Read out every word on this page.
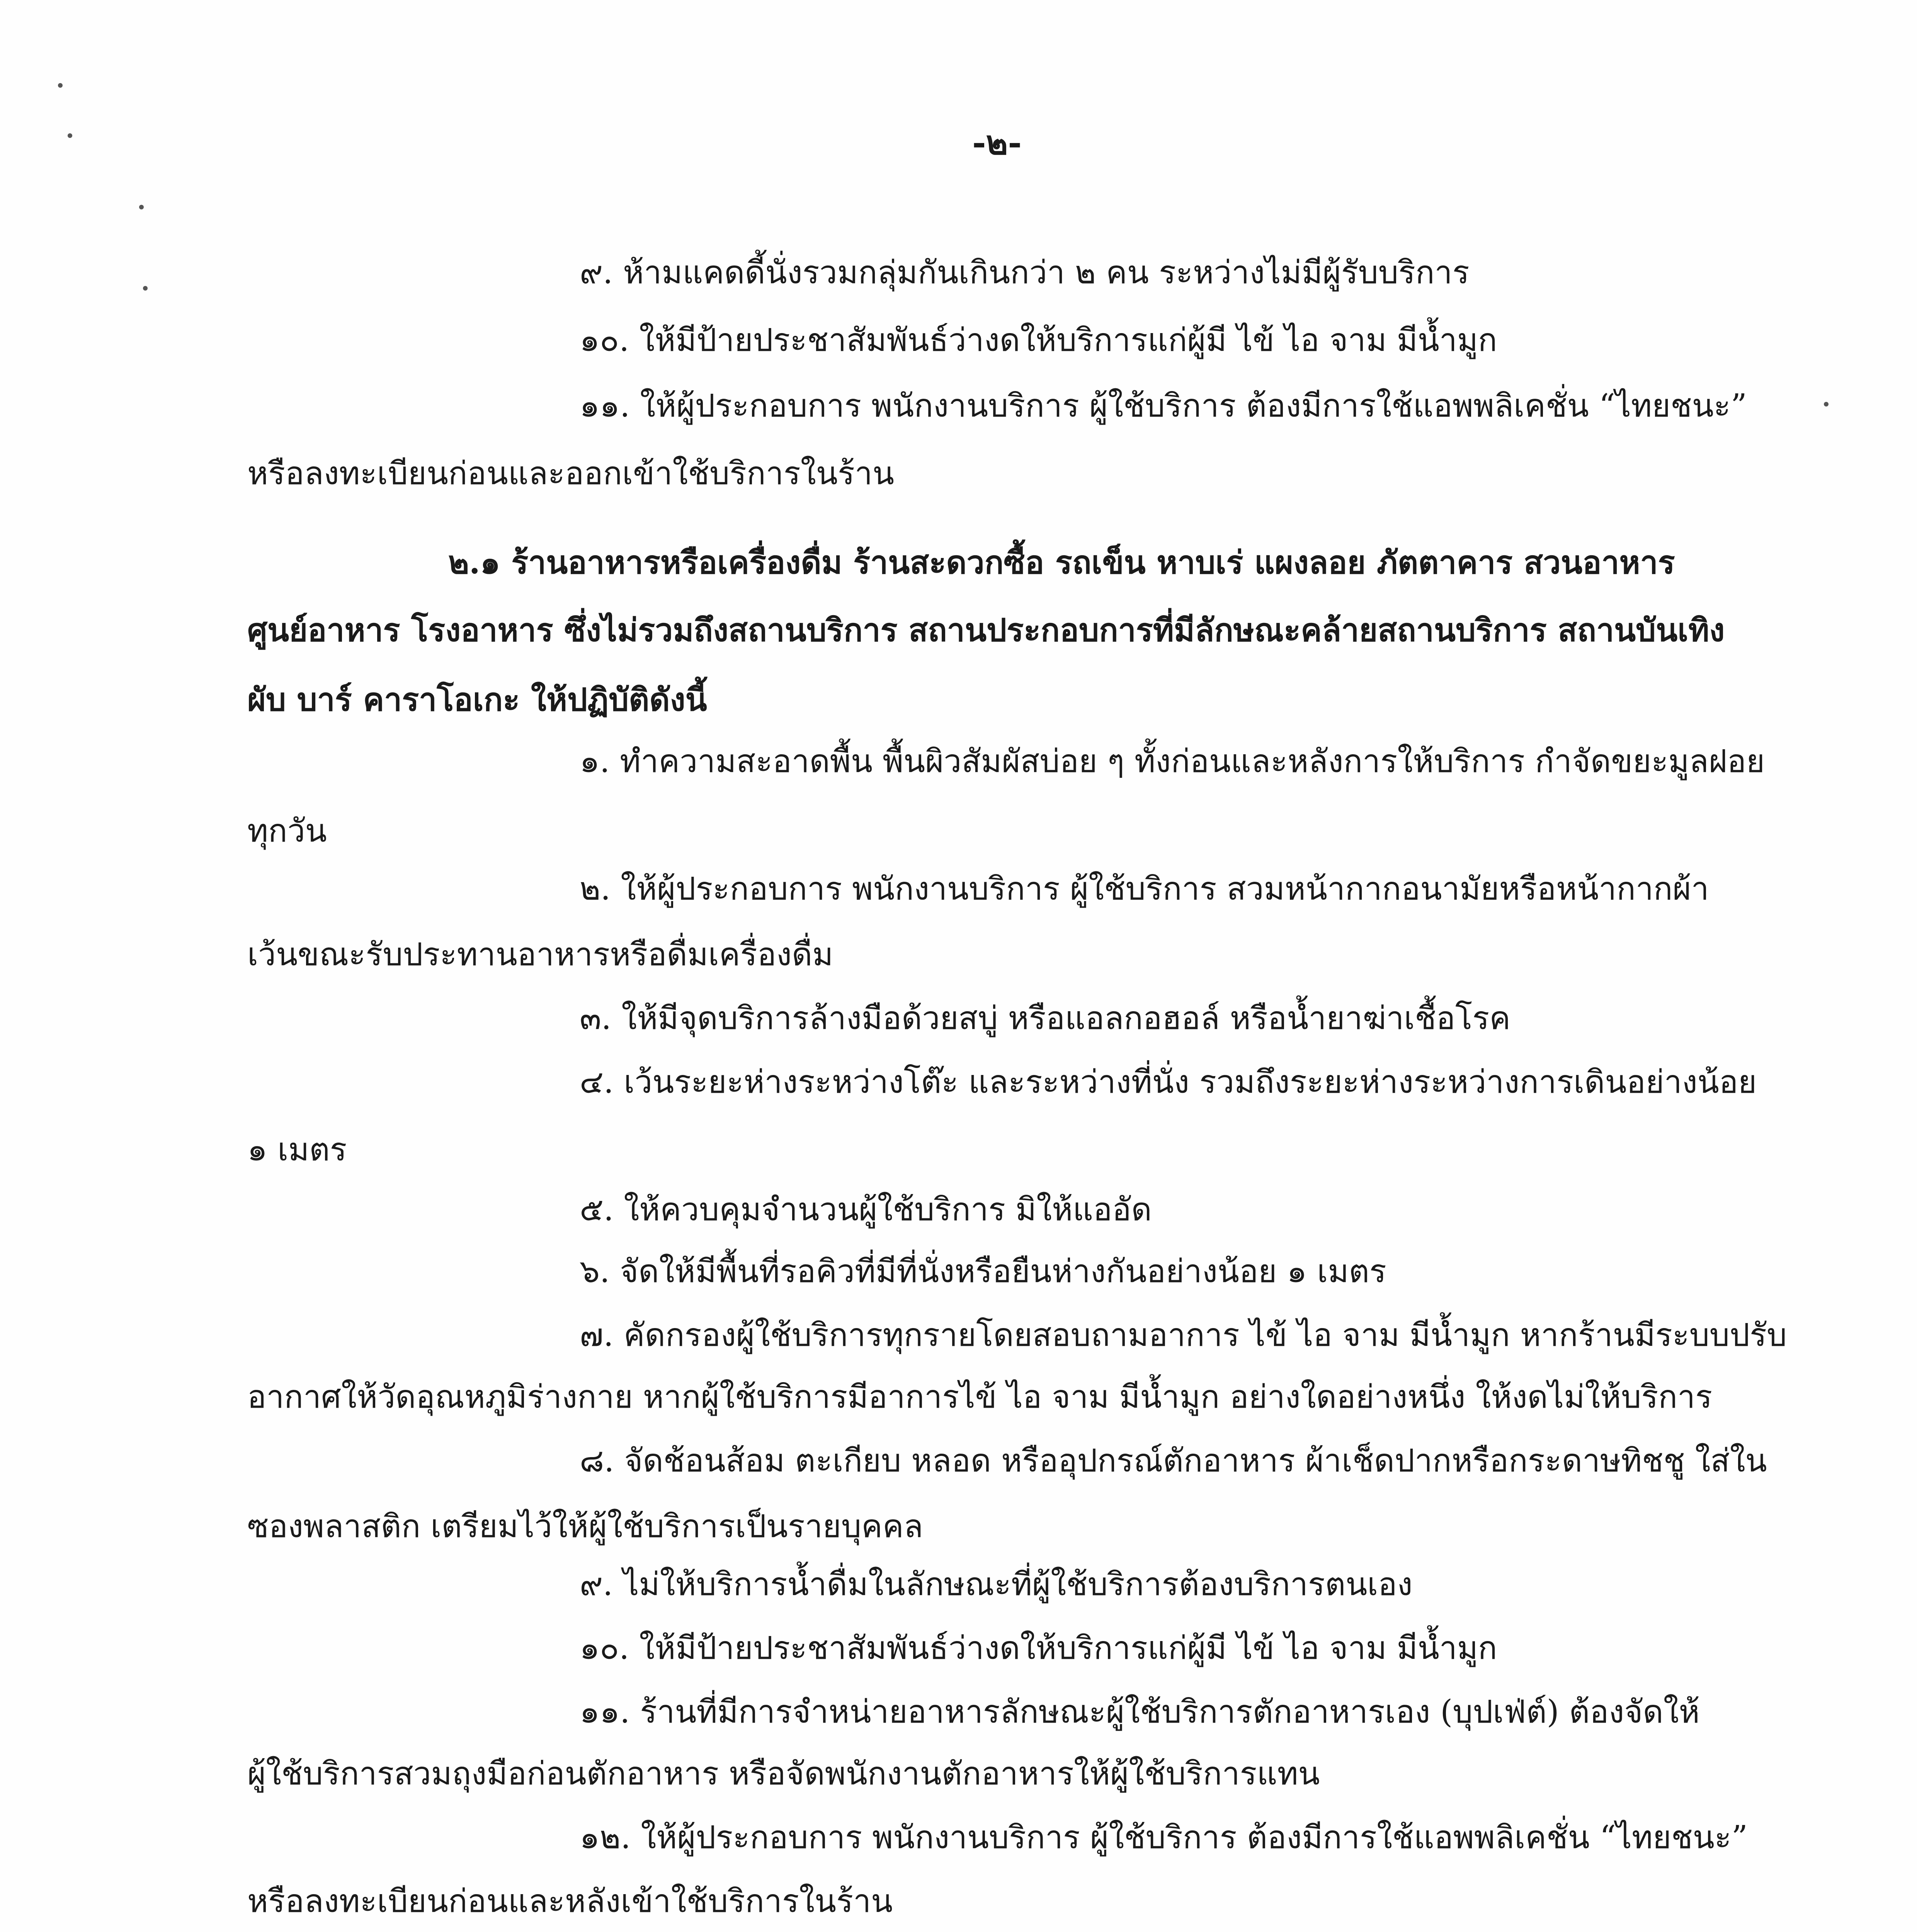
-๒-
๙. ห้ามแคดดี้นั่งรวมกลุ่มกันเกินกว่า ๒ คน ระหว่างไม่มีผู้รับบริการ
๑๐. ให้มีป้ายประชาสัมพันธ์ว่างดให้บริการแก่ผู้มี ไข้ ไอ จาม มีน้ำมูก
๑๑. ให้ผู้ประกอบการ พนักงานบริการ ผู้ใช้บริการ ต้องมีการใช้แอพพลิเคชั่น “ไทยชนะ”
หรือลงทะเบียนก่อนและออกเข้าใช้บริการในร้าน
๒.๑ ร้านอาหารหรือเครื่องดื่ม ร้านสะดวกซื้อ รถเข็น หาบเร่ แผงลอย ภัตตาคาร สวนอาหาร
ศูนย์อาหาร โรงอาหาร ซึ่งไม่รวมถึงสถานบริการ สถานประกอบการที่มีลักษณะคล้ายสถานบริการ สถานบันเทิง
ผับ บาร์ คาราโอเกะ ให้ปฏิบัติดังนี้
๑. ทำความสะอาดพื้น พื้นผิวสัมผัสบ่อย ๆ ทั้งก่อนและหลังการให้บริการ กำจัดขยะมูลฝอย
ทุกวัน
๒. ให้ผู้ประกอบการ พนักงานบริการ ผู้ใช้บริการ สวมหน้ากากอนามัยหรือหน้ากากผ้า
เว้นขณะรับประทานอาหารหรือดื่มเครื่องดื่ม
๓. ให้มีจุดบริการล้างมือด้วยสบู่ หรือแอลกอฮอล์ หรือน้ำยาฆ่าเชื้อโรค
๔. เว้นระยะห่างระหว่างโต๊ะ และระหว่างที่นั่ง รวมถึงระยะห่างระหว่างการเดินอย่างน้อย
๑ เมตร
๕. ให้ควบคุมจำนวนผู้ใช้บริการ มิให้แออัด
๖. จัดให้มีพื้นที่รอคิวที่มีที่นั่งหรือยืนห่างกันอย่างน้อย ๑ เมตร
๗. คัดกรองผู้ใช้บริการทุกรายโดยสอบถามอาการ ไข้ ไอ จาม มีน้ำมูก หากร้านมีระบบปรับ
อากาศให้วัดอุณหภูมิร่างกาย หากผู้ใช้บริการมีอาการไข้ ไอ จาม มีน้ำมูก อย่างใดอย่างหนึ่ง ให้งดไม่ให้บริการ
๘. จัดช้อนส้อม ตะเกียบ หลอด หรืออุปกรณ์ตักอาหาร ผ้าเช็ดปากหรือกระดาษทิชชู ใส่ใน
ซองพลาสติก เตรียมไว้ให้ผู้ใช้บริการเป็นรายบุคคล
๙. ไม่ให้บริการน้ำดื่มในลักษณะที่ผู้ใช้บริการต้องบริการตนเอง
๑๐. ให้มีป้ายประชาสัมพันธ์ว่างดให้บริการแก่ผู้มี ไข้ ไอ จาม มีน้ำมูก
๑๑. ร้านที่มีการจำหน่ายอาหารลักษณะผู้ใช้บริการตักอาหารเอง (บุปเฟ่ต์) ต้องจัดให้
ผู้ใช้บริการสวมถุงมือก่อนตักอาหาร หรือจัดพนักงานตักอาหารให้ผู้ใช้บริการแทน
๑๒. ให้ผู้ประกอบการ พนักงานบริการ ผู้ใช้บริการ ต้องมีการใช้แอพพลิเคชั่น “ไทยชนะ”
หรือลงทะเบียนก่อนและหลังเข้าใช้บริการในร้าน
